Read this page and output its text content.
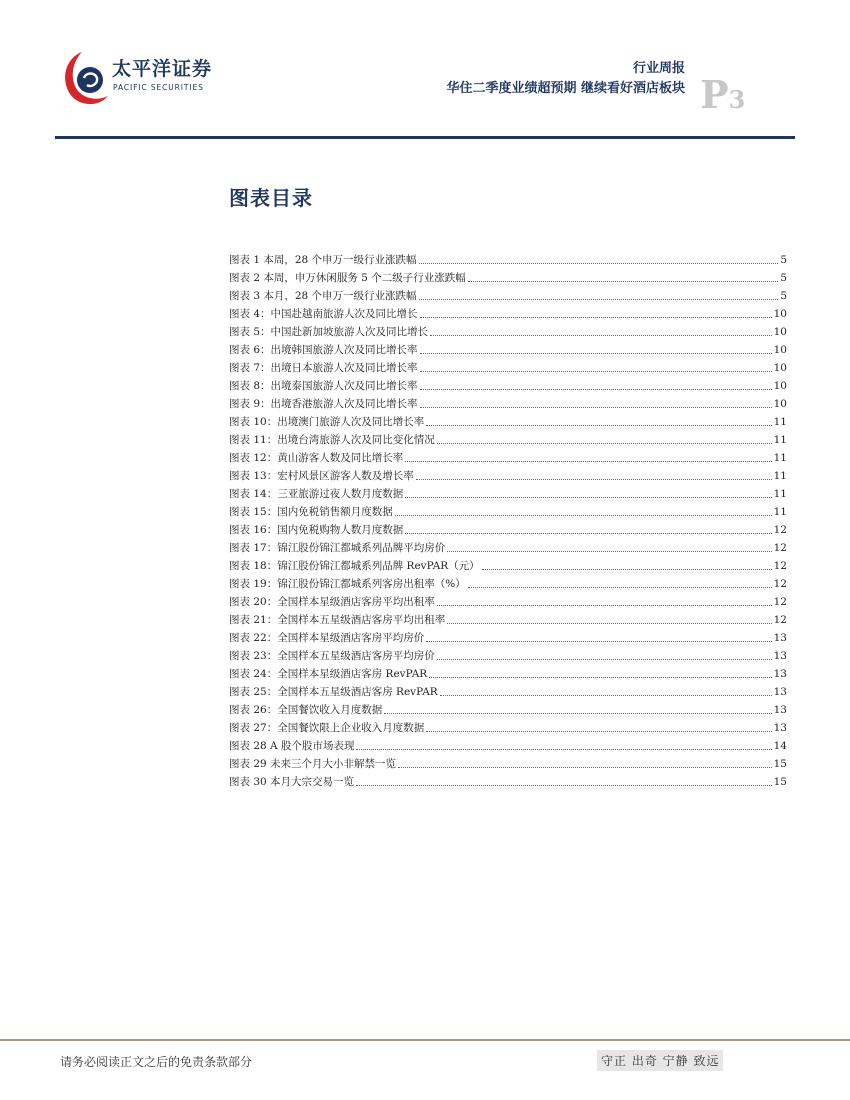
太平洋证券
PACIFIC SECURITIES
行业周报
华住二季度业绩超预期 继续看好酒店板块 P3
图表目录
图表 1 本周，28 个申万一级行业涨跌幅	5
图表 2 本周，申万休闲服务 5 个二级子行业涨跌幅	5
图表 3 本月，28 个申万一级行业涨跌幅	5
图表 4：中国赴越南旅游人次及同比增长	10
图表 5：中国赴新加坡旅游人次及同比增长	10
图表 6：出境韩国旅游人次及同比增长率	10
图表 7：出境日本旅游人次及同比增长率	10
图表 8：出境泰国旅游人次及同比增长率	10
图表 9：出境香港旅游人次及同比增长率	10
图表 10：出境澳门旅游人次及同比增长率	11
图表 11：出境台湾旅游人次及同比变化情况	11
图表 12：黄山游客人数及同比增长率	11
图表 13：宏村风景区游客人数及增长率	11
图表 14：三亚旅游过夜人数月度数据	11
图表 15：国内免税销售额月度数据	11
图表 16：国内免税购物人数月度数据	12
图表 17：锦江股份锦江都城系列品牌平均房价	12
图表 18：锦江股份锦江都城系列品牌 RevPAR（元）	12
图表 19：锦江股份锦江都城系列客房出租率（%）	12
图表 20：全国样本星级酒店客房平均出租率	12
图表 21：全国样本五星级酒店客房平均出租率	12
图表 22：全国样本星级酒店客房平均房价	13
图表 23：全国样本五星级酒店客房平均房价	13
图表 24：全国样本星级酒店客房 RevPAR	13
图表 25：全国样本五星级酒店客房 RevPAR	13
图表 26：全国餐饮收入月度数据	13
图表 27：全国餐饮限上企业收入月度数据	13
图表 28 A 股个股市场表现	14
图表 29 未来三个月大小非解禁一览	15
图表 30 本月大宗交易一览	15
请务必阅读正文之后的免责条款部分	守正 出奇 宁静 致远
